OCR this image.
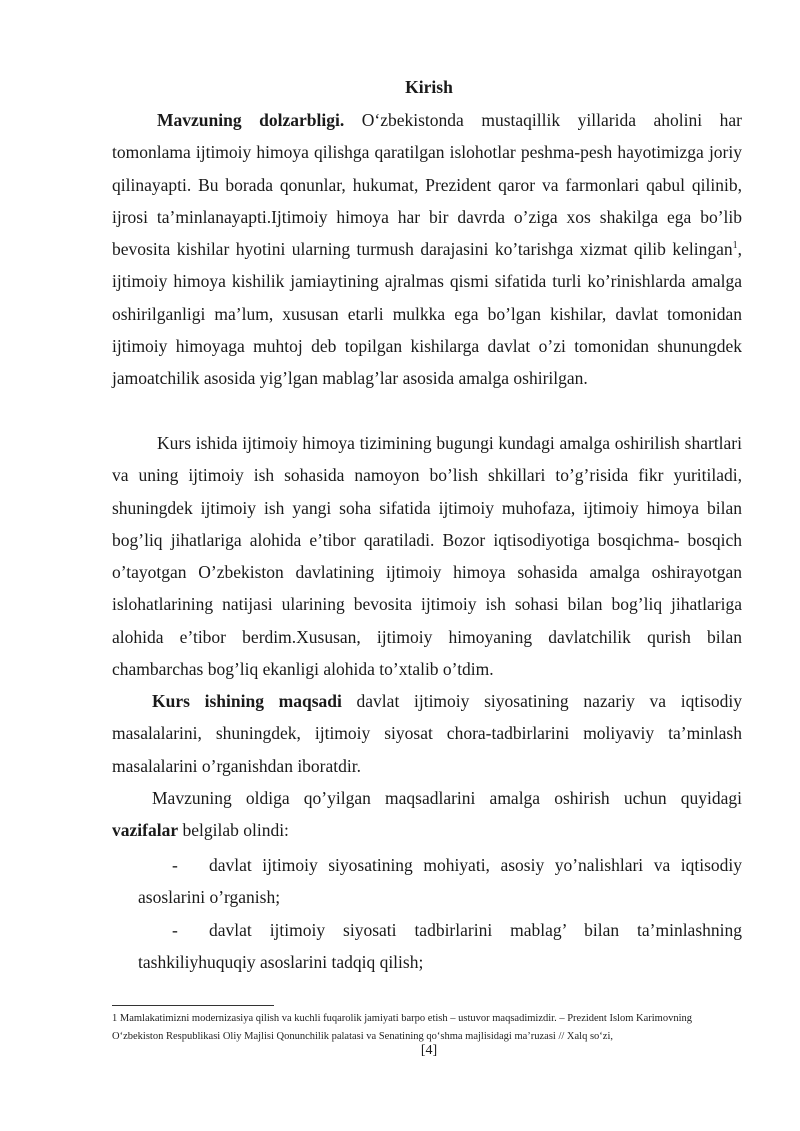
Kirish

Mavzuning dolzarbligi. O‘zbekistonda mustaqillik yillarida aholini har tomonlama ijtimoiy himoya qilishga qaratilgan islohotlar peshma-pesh hayotimizga joriy qilinayapti. Bu borada qonunlar, hukumat, Prezident qaror va farmonlari qabul qilinib, ijrosi ta’minlanayapti.Ijtimoiy himoya har bir davrda o’ziga xos shakilga ega bo’lib bevosita kishilar hyotini ularning turmush darajasini ko’tarishga xizmat qilib kelingan$^1$, ijtimoiy himoya kishilik jamiaytining ajralmas qismi sifatida turli ko’rinishlarda amalga oshirilganligi ma’lum, xususan etarli mulkka ega bo’lgan kishilar, davlat tomonidan ijtimoiy himoyaga muhtoj deb topilgan kishilarga davlat o’zi tomonidan shunungdek jamoatchilik asosida yig’lgan mablag’lar asosida amalga oshirilgan.

Kurs ishida ijtimoiy himoya tizimining bugungi kundagi amalga oshirilish shartlari va uning ijtimoiy ish sohasida namoyon bo’lish shkillari to’g’risida fikr yuritiladi, shuningdek ijtimoiy ish yangi soha sifatida ijtimoiy muhofaza, ijtimoiy himoya bilan bog’liq jihatlariga alohida e’tibor qaratiladi. Bozor iqtisodiyotiga bosqichma- bosqich o’tayotgan O’zbekiston davlatining ijtimoiy himoya sohasida amalga oshirayotgan islohatlarining natijasi ularining bevosita ijtimoiy ish sohasi bilan bog’liq jihatlariga alohida e’tibor berdim.Xususan, ijtimoiy himoyaning davlatchilik qurish bilan chambarchas bog’liq ekanligi alohida to’xtalib o’tdim.

Kurs ishining maqsadi davlat ijtimoiy siyosatining nazariy va iqtisodiy masalalarini, shuningdek, ijtimoiy siyosat chora-tadbirlarini moliyaviy ta’minlash masalalarini o’rganishdan iboratdir.

Mavzuning oldiga qo’yilgan maqsadlarini amalga oshirish uchun quyidagi vazifalar belgilab olindi:

-	davlat ijtimoiy siyosatining mohiyati, asosiy yo’nalishlari va iqtisodiy
asoslarini o’rganish;
-	davlat ijtimoiy siyosati tadbirlarini mablag’ bilan ta’minlashning
tashkiliyhuquqiy asoslarini tadqiq qilish;

1 Mamlakatimizni modernizasiya qilish va kuchli fuqarolik jamiyati barpo etish – ustuvor maqsadimizdir. – Prezident Islom Karimovning O‘zbekiston Respublikasi Oliy Majlisi Qonunchilik palatasi va Senatining qo‘shma majlisidagi ma’ruzasi // Xalq so‘zi,

[4]
